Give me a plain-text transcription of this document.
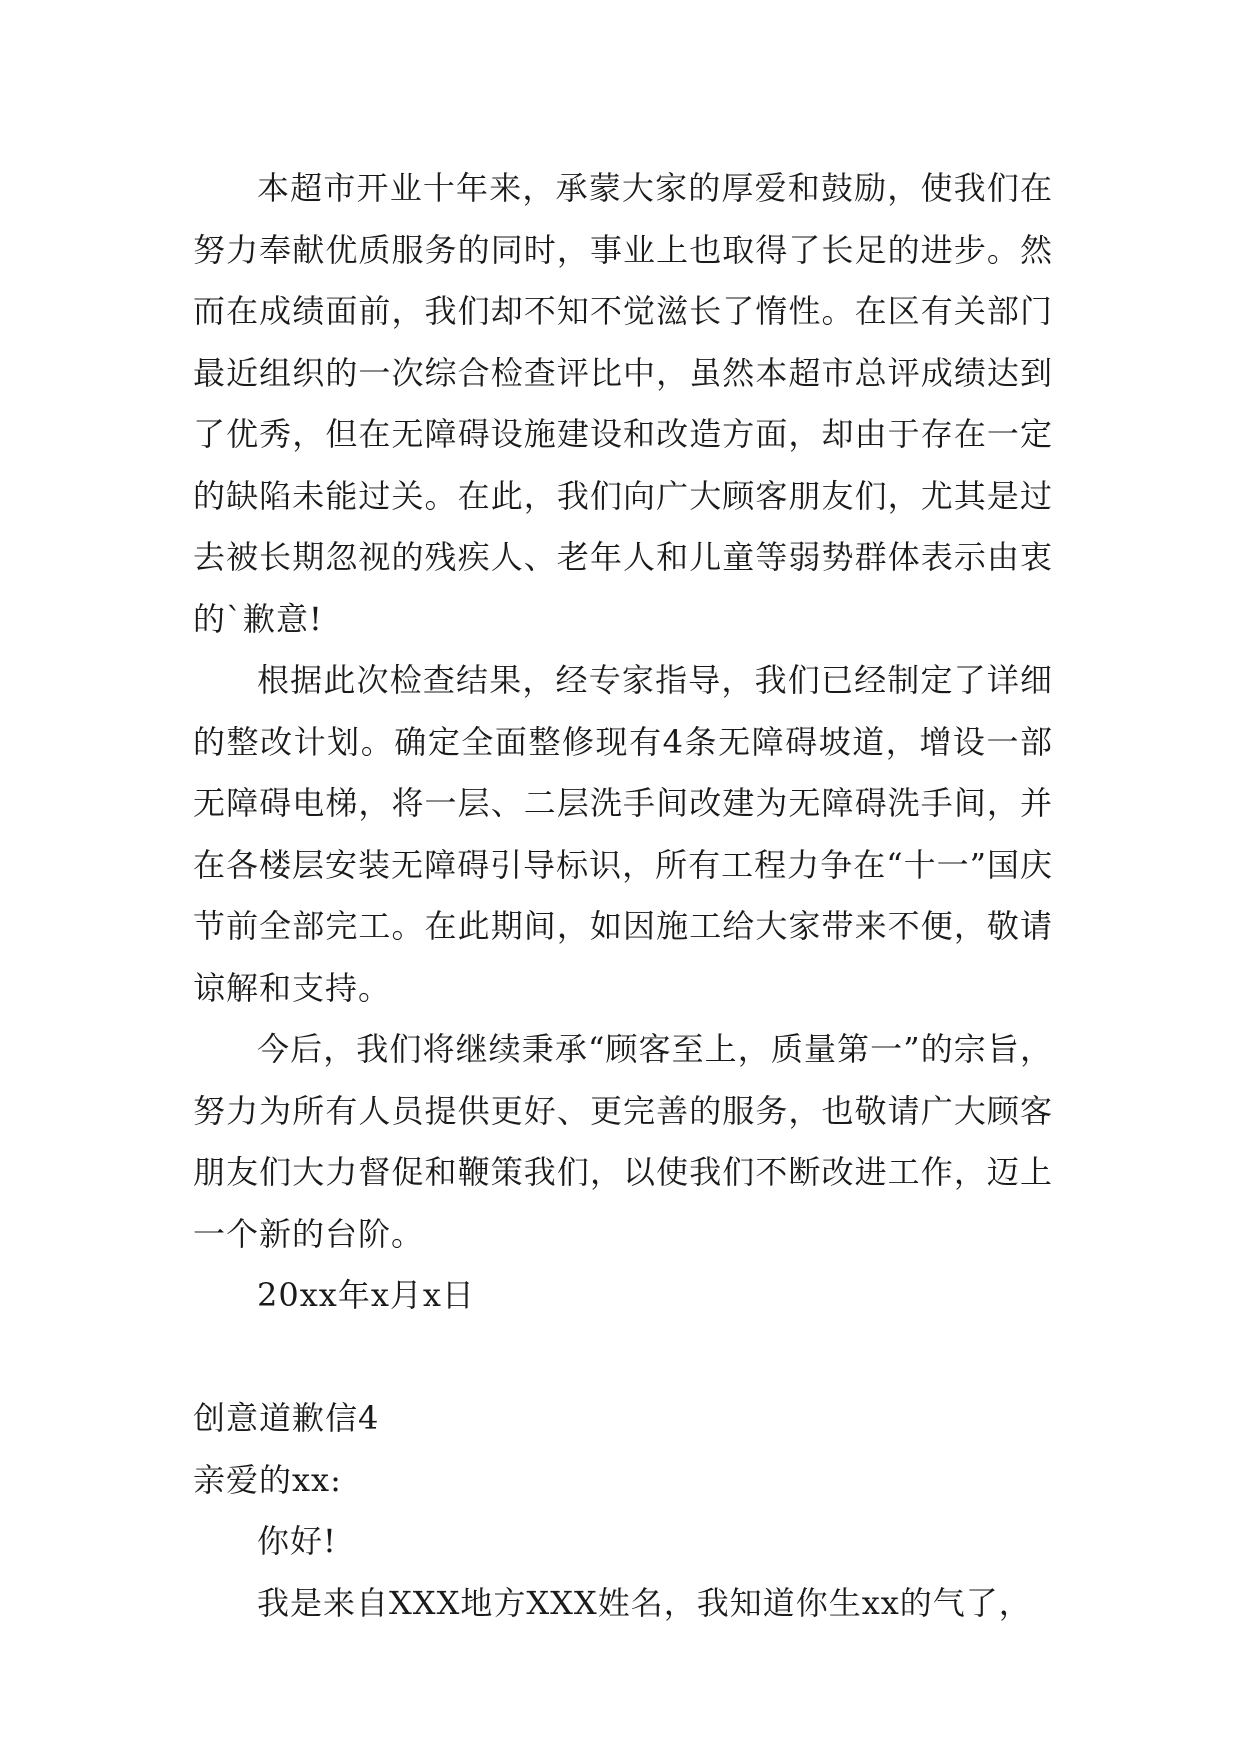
本超市开业十年来，承蒙大家的厚爱和鼓励，使我们在努力奉献优质服务的同时，事业上也取得了长足的进步。然而在成绩面前，我们却不知不觉滋长了惰性。在区有关部门最近组织的一次综合检查评比中，虽然本超市总评成绩达到了优秀，但在无障碍设施建设和改造方面，却由于存在一定的缺陷未能过关。在此，我们向广大顾客朋友们，尤其是过去被长期忽视的残疾人、老年人和儿童等弱势群体表示由衷的`歉意!

根据此次检查结果，经专家指导，我们已经制定了详细的整改计划。确定全面整修现有4条无障碍坡道，增设一部无障碍电梯，将一层、二层洗手间改建为无障碍洗手间，并在各楼层安装无障碍引导标识，所有工程力争在“十一”国庆节前全部完工。在此期间，如因施工给大家带来不便，敬请谅解和支持。

今后，我们将继续秉承“顾客至上，质量第一”的宗旨，努力为所有人员提供更好、更完善的服务，也敬请广大顾客朋友们大力督促和鞭策我们，以使我们不断改进工作，迈上一个新的台阶。

20xx年x月x日

创意道歉信4

亲爱的xx:

你好!

我是来自XXX地方XXX姓名，我知道你生xx的气了，
